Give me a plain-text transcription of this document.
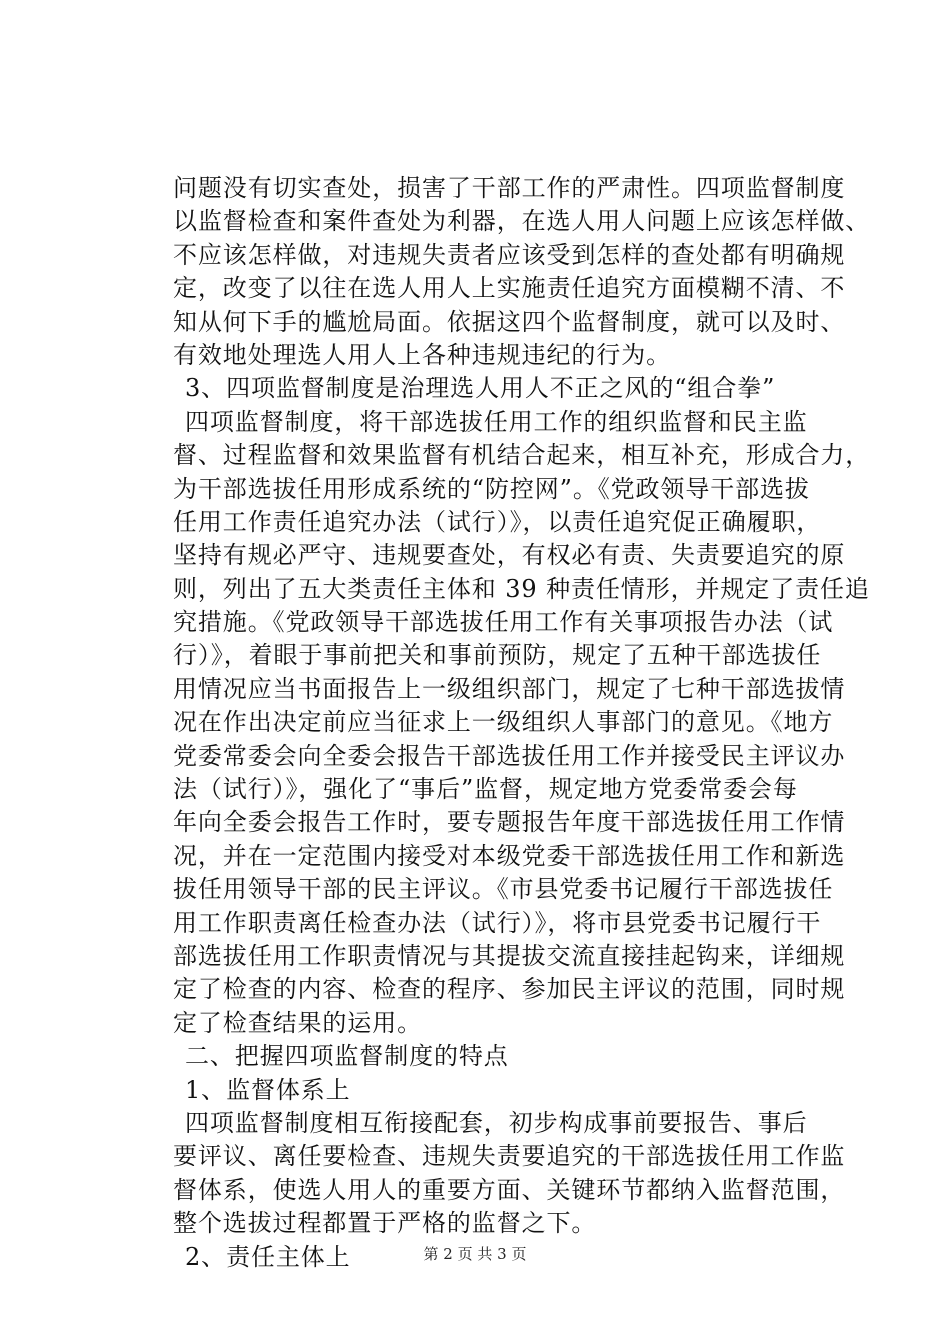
问题没有切实查处，损害了干部工作的严肃性。四项监督制度
以监督检查和案件查处为利器，在选人用人问题上应该怎样做、
不应该怎样做，对违规失责者应该受到怎样的查处都有明确规
定，改变了以往在选人用人上实施责任追究方面模糊不清、不
知从何下手的尴尬局面。依据这四个监督制度，就可以及时、
有效地处理选人用人上各种违规违纪的行为。
3、四项监督制度是治理选人用人不正之风的“组合拳”
四项监督制度，将干部选拔任用工作的组织监督和民主监
督、过程监督和效果监督有机结合起来，相互补充，形成合力，
为干部选拔任用形成系统的“防控网”。《党政领导干部选拔
任用工作责任追究办法（试行）》，以责任追究促正确履职，
坚持有规必严守、违规要查处，有权必有责、失责要追究的原
则，列出了五大类责任主体和 39 种责任情形，并规定了责任追
究措施。《党政领导干部选拔任用工作有关事项报告办法（试
行）》，着眼于事前把关和事前预防，规定了五种干部选拔任
用情况应当书面报告上一级组织部门，规定了七种干部选拔情
况在作出决定前应当征求上一级组织人事部门的意见。《地方
党委常委会向全委会报告干部选拔任用工作并接受民主评议办
法（试行）》，强化了“事后”监督，规定地方党委常委会每
年向全委会报告工作时，要专题报告年度干部选拔任用工作情
况，并在一定范围内接受对本级党委干部选拔任用工作和新选
拔任用领导干部的民主评议。《市县党委书记履行干部选拔任
用工作职责离任检查办法（试行）》，将市县党委书记履行干
部选拔任用工作职责情况与其提拔交流直接挂起钩来，详细规
定了检查的内容、检查的程序、参加民主评议的范围，同时规
定了检查结果的运用。
二、把握四项监督制度的特点
1、监督体系上
四项监督制度相互衔接配套，初步构成事前要报告、事后
要评议、离任要检查、违规失责要追究的干部选拔任用工作监
督体系，使选人用人的重要方面、关键环节都纳入监督范围，
整个选拔过程都置于严格的监督之下。
2、责任主体上	第 2 页 共 3 页
